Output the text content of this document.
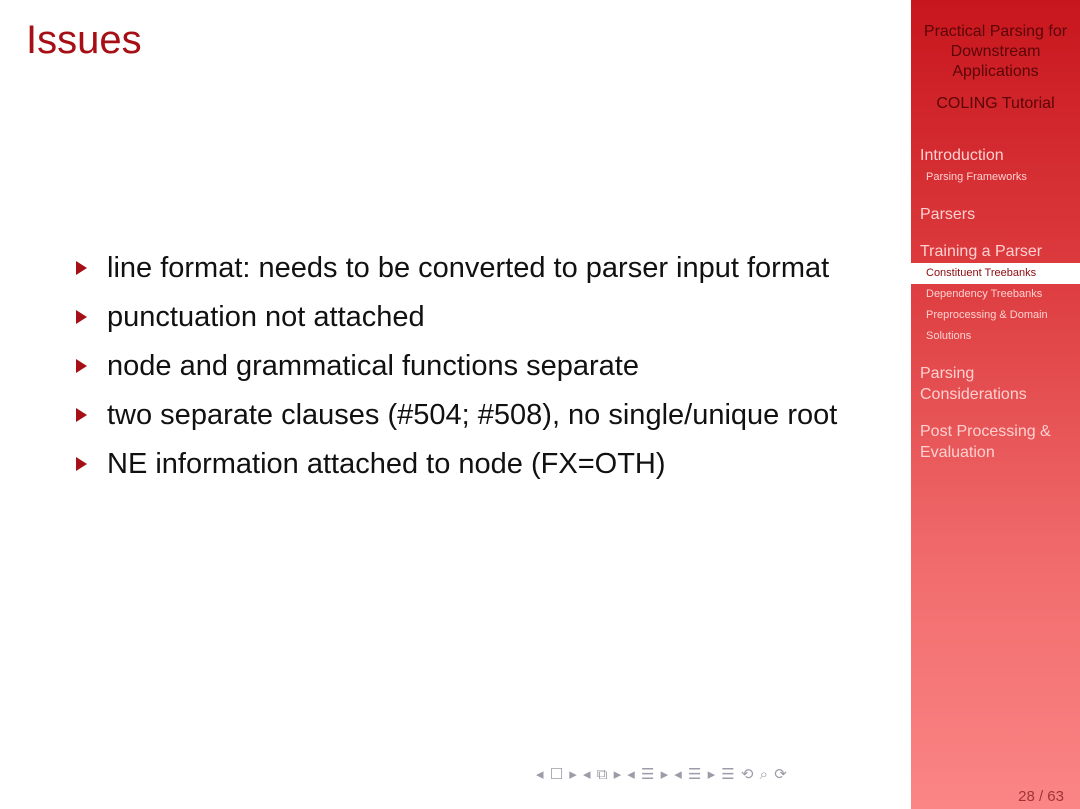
Issues
line format: needs to be converted to parser input format
punctuation not attached
node and grammatical functions separate
two separate clauses (#504; #508), no single/unique root
NE information attached to node (FX=OTH)
Practical Parsing for Downstream Applications
COLING Tutorial
Introduction
Parsing Frameworks
Parsers
Training a Parser
Constituent Treebanks
Dependency Treebanks
Preprocessing & Domain
Solutions
Parsing Considerations
Post Processing & Evaluation
28 / 63
◂ ☐ ▸ ◂ ⧉ ▸ ◂ ☰ ▸ ◂ ☰ ▸ ☰ ⟲ ⌕ ⟳
